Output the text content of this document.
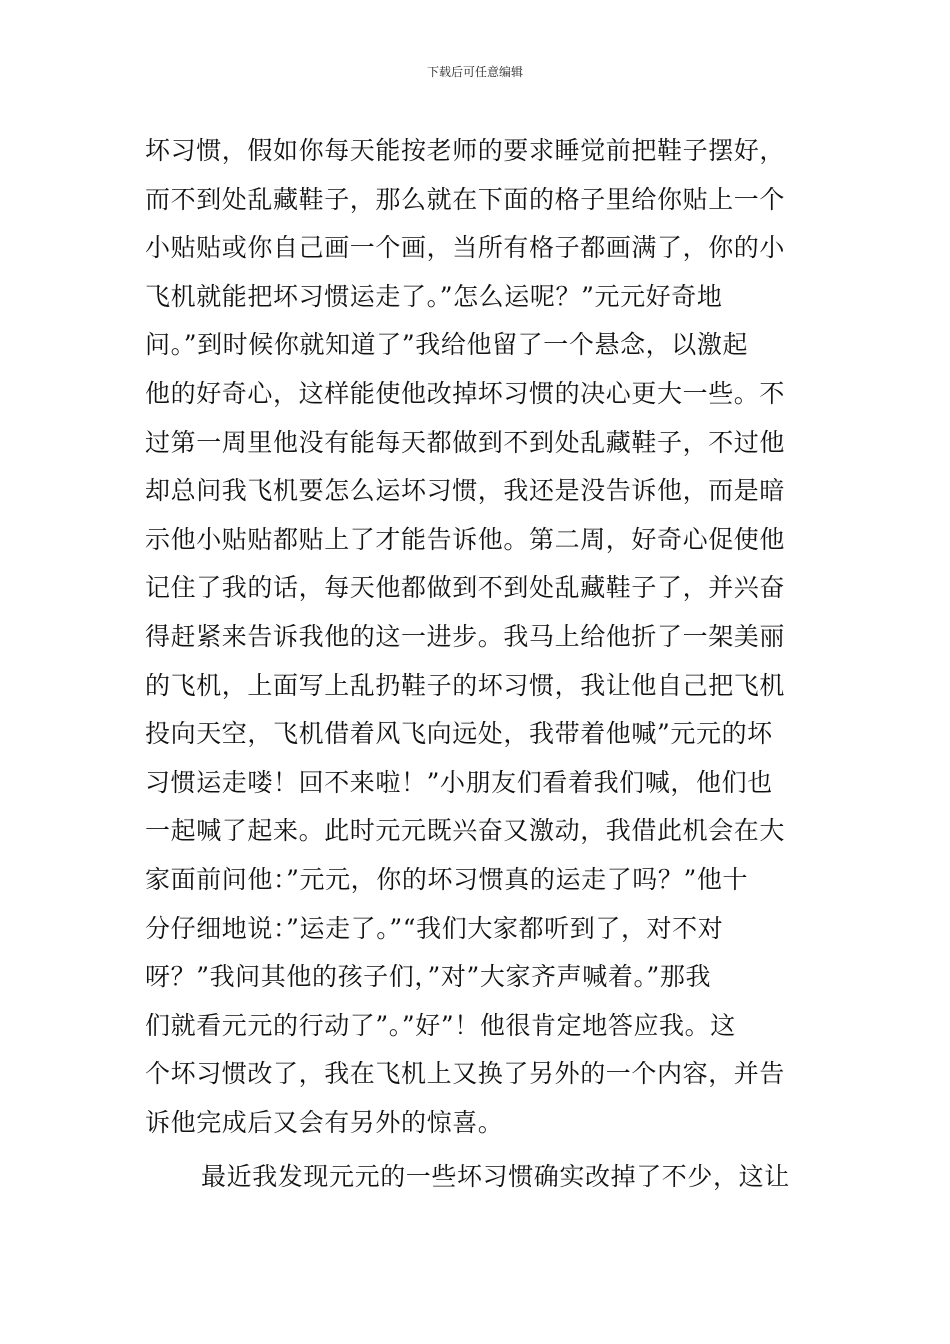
下载后可任意编辑
坏习惯，假如你每天能按老师的要求睡觉前把鞋子摆好，
而不到处乱藏鞋子，那么就在下面的格子里给你贴上一个
小贴贴或你自己画一个画，当所有格子都画满了，你的小
飞机就能把坏习惯运走了。”怎么运呢？”元元好奇地
问。”到时候你就知道了”我给他留了一个悬念，以激起
他的好奇心，这样能使他改掉坏习惯的决心更大一些。不
过第一周里他没有能每天都做到不到处乱藏鞋子，不过他
却总问我飞机要怎么运坏习惯，我还是没告诉他，而是暗
示他小贴贴都贴上了才能告诉他。第二周，好奇心促使他
记住了我的话，每天他都做到不到处乱藏鞋子了，并兴奋
得赶紧来告诉我他的这一进步。我马上给他折了一架美丽
的飞机，上面写上乱扔鞋子的坏习惯，我让他自己把飞机
投向天空，飞机借着风飞向远处，我带着他喊”元元的坏
习惯运走喽！回不来啦！”小朋友们看着我们喊，他们也
一起喊了起来。此时元元既兴奋又激动，我借此机会在大
家面前问他：”元元，你的坏习惯真的运走了吗？”他十
分仔细地说：”运走了。”“我们大家都听到了，对不对
呀？”我问其他的孩子们，”对”大家齐声喊着。”那我
们就看元元的行动了”。”好”！他很肯定地答应我。这
个坏习惯改了，我在飞机上又换了另外的一个内容，并告
诉他完成后又会有另外的惊喜。
最近我发现元元的一些坏习惯确实改掉了不少，这让
